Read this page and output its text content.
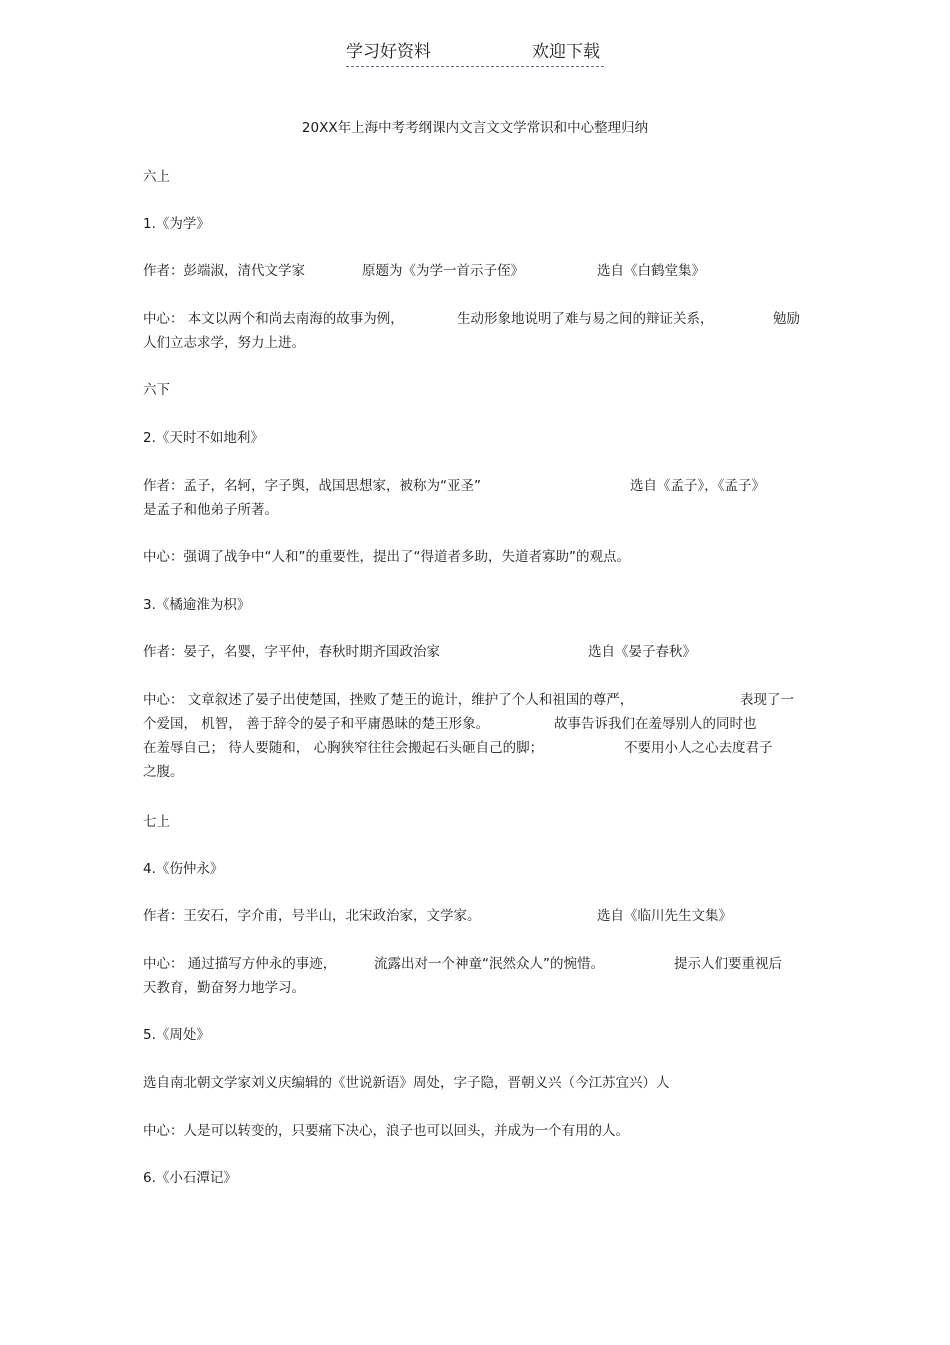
学习好资料	欢迎下载
20XX年上海中考考纲课内文言文文学常识和中心整理归纳
六上
1.《为学》
作者：彭端淑，清代文学家	原题为《为学一首示子侄》	选自《白鹤堂集》
中心： 本文以两个和尚去南海的故事为例，	生动形象地说明了难与易之间的辩证关系，	勉励
人们立志求学，努力上进。
六下
2.《天时不如地利》
作者：孟子，名轲，字子舆，战国思想家，被称为“亚圣”	选自《孟子》，《孟子》
是孟子和他弟子所著。
中心：强调了战争中“人和”的重要性，提出了“得道者多助，失道者寡助”的观点。
3.《橘逾淮为枳》
作者：晏子，名婴，字平仲，春秋时期齐国政治家	选自《晏子春秋》
中心： 文章叙述了晏子出使楚国，挫败了楚王的诡计，维护了个人和祖国的尊严，	表现了一
个爱国， 机智， 善于辞令的晏子和平庸愚昧的楚王形象。	故事告诉我们在羞辱别人的同时也
在羞辱自己； 待人要随和， 心胸狭窄往往会搬起石头砸自己的脚；	不要用小人之心去度君子
之腹。
七上
4.《伤仲永》
作者：王安石，字介甫，号半山，北宋政治家，文学家。	选自《临川先生文集》
中心： 通过描写方仲永的事迹，	流露出对一个神童“泯然众人”的惋惜。	提示人们要重视后
天教育，勤奋努力地学习。
5.《周处》
选自南北朝文学家刘义庆编辑的《世说新语》周处，字子隐，晋朝义兴（今江苏宜兴）人
中心：人是可以转变的，只要痛下决心，浪子也可以回头，并成为一个有用的人。
6.《小石潭记》
